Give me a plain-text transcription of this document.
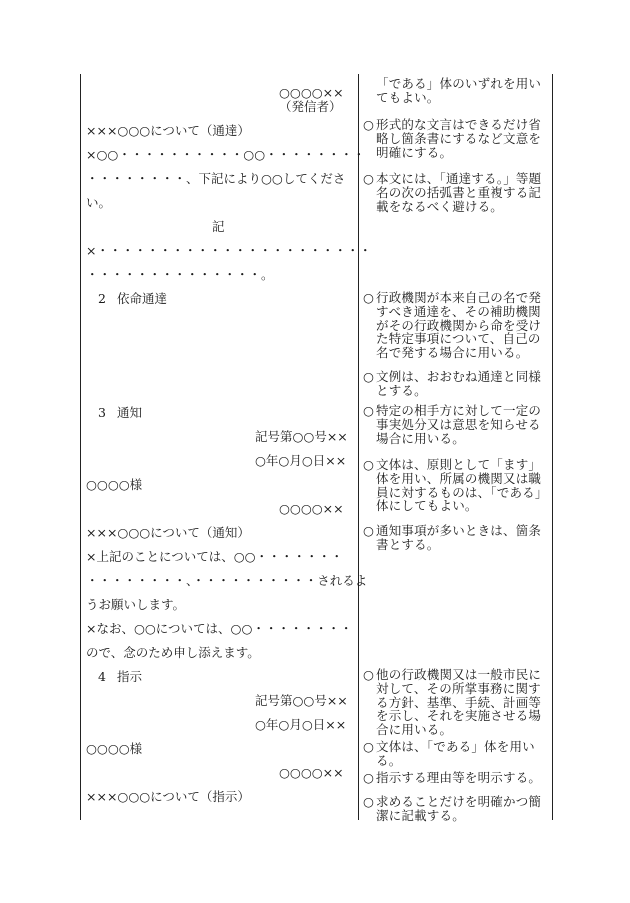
○○○○××
（発信者）
×××○○○について（通達）
×○○・・・・・・・・・・○○・・・・・・・・
・・・・・・・・、下記により○○してくださ
い。
記
×・・・・・・・・・・・・・・・・・・・・・・
・・・・・・・・・・・・・・。
2 依命通達
3 通知
記号第○○号××
○年○月○日××
○○○○様
○○○○××
×××○○○について（通知）
×上記のことについては、○○・・・・・・・
・・・・・・・・、・・・・・・・・・・されるよ
うお願いします。
×なお、○○については、○○・・・・・・・・
ので、念のため申し添えます。
4 指示
記号第○○号××
○年○月○日××
○○○○様
○○○○××
×××○○○について（指示）
「である」体のいずれを用い
てもよい。
○ 形式的な文言はできるだけ省
略し箇条書にするなど文意を
明確にする。
○ 本文には、「通達する。」等題
名の次の括弧書と重複する記
載をなるべく避ける。
○ 行政機関が本来自己の名で発
すべき通達を、その補助機関
がその行政機関から命を受け
た特定事項について、自己の
名で発する場合に用いる。
○ 文例は、おおむね通達と同様
とする。
○ 特定の相手方に対して一定の
事実処分又は意思を知らせる
場合に用いる。
○ 文体は、原則として「ます」
体を用い、所属の機関又は職
員に対するものは、「である」
体にしてもよい。
○ 通知事項が多いときは、箇条
書とする。
○ 他の行政機関又は一般市民に
対して、その所掌事務に関す
る方針、基準、手続、計画等
を示し、それを実施させる場
合に用いる。
○ 文体は、「である」体を用い
る。
○ 指示する理由等を明示する。
○ 求めることだけを明確かつ簡
潔に記載する。
